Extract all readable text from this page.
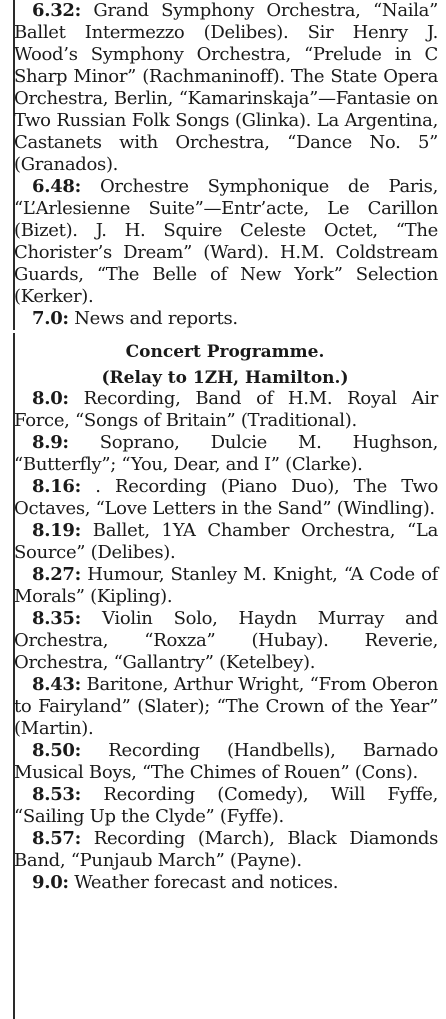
6.32: Grand Symphony Orchestra, “Naila” Ballet Intermezzo (Delibes). Sir Henry J. Wood’s Symphony Orchestra, “Prelude in C Sharp Minor” (Rachmaninoff). The State Opera Orchestra, Berlin, “Kamarinskaja”—Fantasie on Two Russian Folk Songs (Glinka). La Argentina, Castanets with Orchestra, “Dance No. 5” (Granados).

6.48: Orchestre Symphonique de Paris, “L’Arlesienne Suite”—Entr’acte, Le Carillon (Bizet). J. H. Squire Celeste Octet, “The Chorister’s Dream” (Ward). H.M. Coldstream Guards, “The Belle of New York” Selection (Kerker).

7.0: News and reports.

Concert Programme.

(Relay to 1ZH, Hamilton.)

8.0: Recording, Band of H.M. Royal Air Force, “Songs of Britain” (Traditional).

8.9: Soprano, Dulcie M. Hughson, “Butterfly”; “You, Dear, and I” (Clarke).

8.16: . Recording (Piano Duo), The Two Octaves, “Love Letters in the Sand” (Windling).

8.19: Ballet, 1YA Chamber Orchestra, “La Source” (Delibes).

8.27: Humour, Stanley M. Knight, “A Code of Morals” (Kipling).

8.35: Violin Solo, Haydn Murray and Orchestra, “Roxza” (Hubay). Reverie, Orchestra, “Gallantry” (Ketelbey).

8.43: Baritone, Arthur Wright, “From Oberon to Fairyland” (Slater); “The Crown of the Year” (Martin).

8.50: Recording (Handbells), Barnado Musical Boys, “The Chimes of Rouen” (Cons).

8.53: Recording (Comedy), Will Fyffe, “Sailing Up the Clyde” (Fyffe).

8.57: Recording (March), Black Diamonds Band, “Punjaub March” (Payne).

9.0: Weather forecast and notices.
